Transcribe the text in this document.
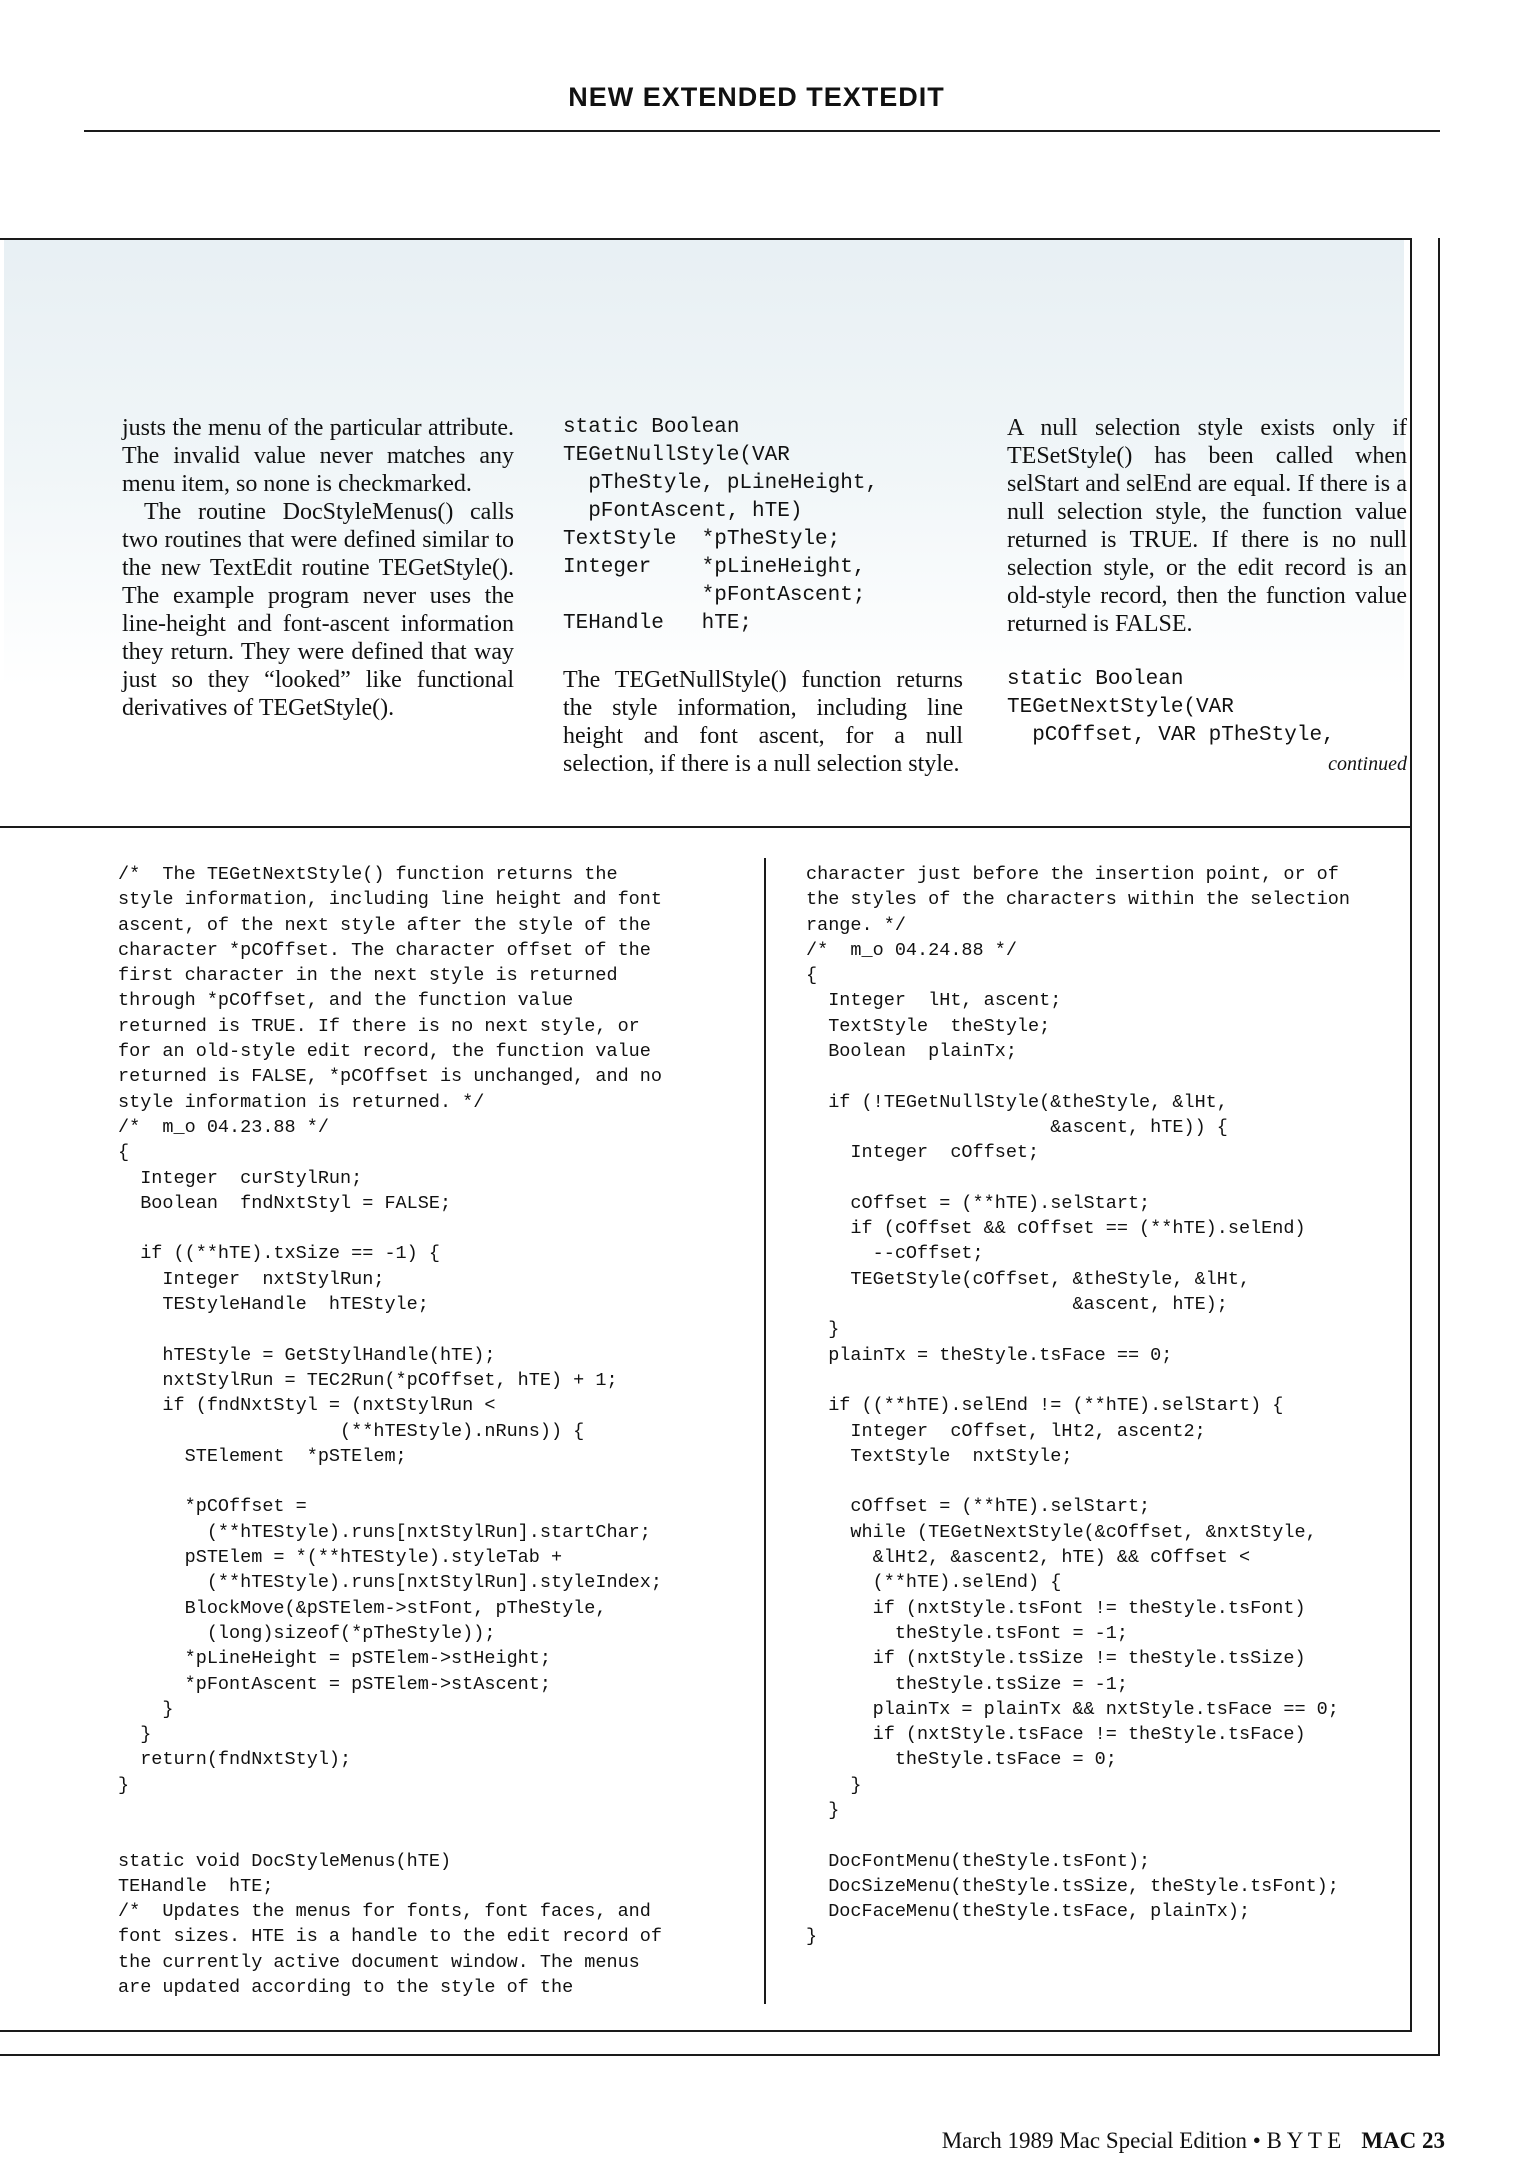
NEW EXTENDED TEXTEDIT

justs the menu of the particular attribute. The invalid value never matches any menu item, so none is checkmarked.

The routine DocStyleMenus() calls two routines that were defined similar to the new TextEdit routine TEGetStyle(). The example program never uses the line-height and font-ascent information they return. They were defined that way just so they “looked” like functional derivatives of TEGetStyle().

static Boolean
TEGetNullStyle(VAR
pTheStyle, pLineHeight,
pFontAscent, hTE)
TextStyle  *pTheStyle;
Integer    *pLineHeight,
*pFontAscent;
TEHandle   hTE;

The TEGetNullStyle() function returns the style information, including line height and font ascent, for a null selection, if there is a null selection style.

A null selection style exists only if TESetStyle() has been called when selStart and selEnd are equal. If there is a null selection style, the function value returned is TRUE. If there is no null selection style, or the edit record is an old-style record, then the function value returned is FALSE.

static Boolean
TEGetNextStyle(VAR
pCOffset, VAR pTheStyle,

continued

/*  The TEGetNextStyle() function returns the
style information, including line height and font
ascent, of the next style after the style of the
character *pCOffset. The character offset of the
first character in the next style is returned
through *pCOffset, and the function value
returned is TRUE. If there is no next style, or
for an old-style edit record, the function value
returned is FALSE, *pCOffset is unchanged, and no
style information is returned. */
/*  m_o 04.23.88 */
{
Integer  curStylRun;
Boolean  fndNxtStyl = FALSE;

if ((**hTE).txSize == -1) {
Integer  nxtStylRun;
TEStyleHandle  hTEStyle;

hTEStyle = GetStylHandle(hTE);
nxtStylRun = TEC2Run(*pCOffset, hTE) + 1;
if (fndNxtStyl = (nxtStylRun <
(**hTEStyle).nRuns)) {
STElement  *pSTElem;

*pCOffset =
(**hTEStyle).runs[nxtStylRun].startChar;
pSTElem = *(**hTEStyle).styleTab +
(**hTEStyle).runs[nxtStylRun].styleIndex;
BlockMove(&pSTElem->stFont, pTheStyle,
(long)sizeof(*pTheStyle));
*pLineHeight = pSTElem->stHeight;
*pFontAscent = pSTElem->stAscent;
}
}
return(fndNxtStyl);
}

static void DocStyleMenus(hTE)
TEHandle  hTE;
/*  Updates the menus for fonts, font faces, and
font sizes. HTE is a handle to the edit record of
the currently active document window. The menus
are updated according to the style of the
character just before the insertion point, or of
the styles of the characters within the selection
range. */
/*  m_o 04.24.88 */
{
Integer  lHt, ascent;
TextStyle  theStyle;
Boolean  plainTx;

if (!TEGetNullStyle(&theStyle, &lHt,
&ascent, hTE)) {
Integer  cOffset;

cOffset = (**hTE).selStart;
if (cOffset && cOffset == (**hTE).selEnd)
--cOffset;
TEGetStyle(cOffset, &theStyle, &lHt,
&ascent, hTE);
}
plainTx = theStyle.tsFace == 0;

if ((**hTE).selEnd != (**hTE).selStart) {
Integer  cOffset, lHt2, ascent2;
TextStyle  nxtStyle;

cOffset = (**hTE).selStart;
while (TEGetNextStyle(&cOffset, &nxtStyle,
&lHt2, &ascent2, hTE) && cOffset <
(**hTE).selEnd) {
if (nxtStyle.tsFont != theStyle.tsFont)
theStyle.tsFont = -1;
if (nxtStyle.tsSize != theStyle.tsSize)
theStyle.tsSize = -1;
plainTx = plainTx && nxtStyle.tsFace == 0;
if (nxtStyle.tsFace != theStyle.tsFace)
theStyle.tsFace = 0;
}
}

DocFontMenu(theStyle.tsFont);
DocSizeMenu(theStyle.tsSize, theStyle.tsFont);
DocFaceMenu(theStyle.tsFace, plainTx);
}
March 1989 Mac Special Edition • B Y T E MAC 23
